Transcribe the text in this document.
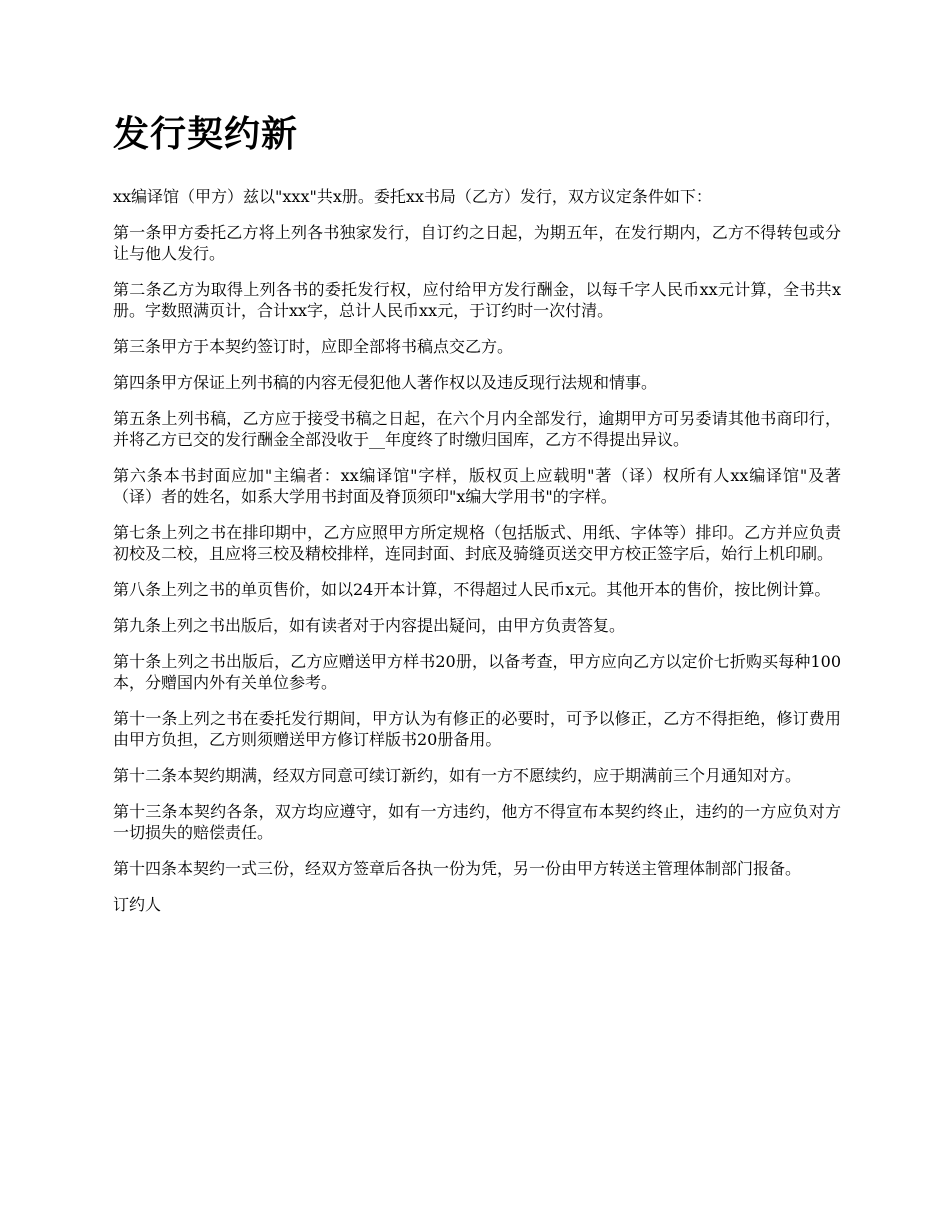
发行契约新

xx编译馆（甲方）兹以"xxx"共x册。委托xx书局（乙方）发行，双方议定条件如下：

第一条甲方委托乙方将上列各书独家发行，自订约之日起，为期五年，在发行期内，乙方不得转包或分让与他人发行。

第二条乙方为取得上列各书的委托发行权，应付给甲方发行酬金，以每千字人民币xx元计算，全书共x册。字数照满页计，合计xx字，总计人民币xx元，于订约时一次付清。

第三条甲方于本契约签订时，应即全部将书稿点交乙方。

第四条甲方保证上列书稿的内容无侵犯他人著作权以及违反现行法规和情事。

第五条上列书稿，乙方应于接受书稿之日起，在六个月内全部发行，逾期甲方可另委请其他书商印行，并将乙方已交的发行酬金全部没收于__年度终了时缴归国库，乙方不得提出异议。

第六条本书封面应加"主编者：xx编译馆"字样，版权页上应载明"著（译）权所有人xx编译馆"及著（译）者的姓名，如系大学用书封面及脊顶须印"x编大学用书"的字样。

第七条上列之书在排印期中，乙方应照甲方所定规格（包括版式、用纸、字体等）排印。乙方并应负责初校及二校，且应将三校及精校排样，连同封面、封底及骑缝页送交甲方校正签字后，始行上机印刷。

第八条上列之书的单页售价，如以24开本计算，不得超过人民币x元。其他开本的售价，按比例计算。

第九条上列之书出版后，如有读者对于内容提出疑问，由甲方负责答复。

第十条上列之书出版后，乙方应赠送甲方样书20册，以备考查，甲方应向乙方以定价七折购买每种100本，分赠国内外有关单位参考。

第十一条上列之书在委托发行期间，甲方认为有修正的必要时，可予以修正，乙方不得拒绝，修订费用由甲方负担，乙方则须赠送甲方修订样版书20册备用。

第十二条本契约期满，经双方同意可续订新约，如有一方不愿续约，应于期满前三个月通知对方。

第十三条本契约各条，双方均应遵守，如有一方违约，他方不得宣布本契约终止，违约的一方应负对方一切损失的赔偿责任。

第十四条本契约一式三份，经双方签章后各执一份为凭，另一份由甲方转送主管理体制部门报备。

订约人
